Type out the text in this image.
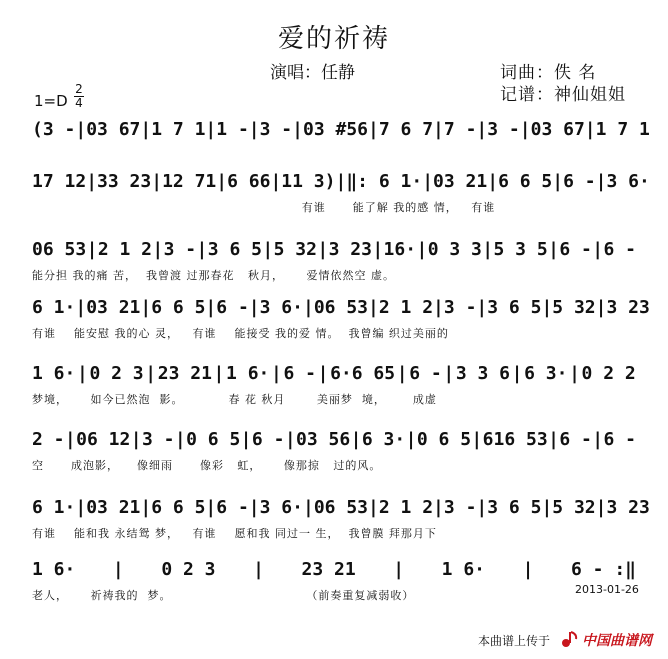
爱的祈祷
演唱：任静	词曲：佚 名
记谱：神仙姐姐
1=D
2
4
(3 - | 03 67 | 1 7 1 | 1 - | 3 - | 03 #56 | 7 6 7 | 7 - | 3 - | 03 67 | 1 7 1
17 12 | 33 23 | 12 71 | 6 66 | 11 3) | ‖: 6 1· | 03 21 | 6 6 5 | 6 - | 3 6·
有谁      能了解 我的感 情，   有谁
06 53 | 2 1 2 | 3 - | 3 6 5 | 5 32 | 3 23 | 16· | 0 3 3 | 5 3 5 | 6 - | 6 -
能分担 我的痛 苦，  我曾渡 过那春花   秋月，     爱情依然空 虚。
6 1· | 03 21 | 6 6 5 | 6 - | 3 6· | 06 53 | 2 1 2 | 3 - | 3 6 5 | 5 32 | 3 23
有谁    能安慰 我的心 灵，   有谁    能接受 我的爱 情。  我曾编 织过美丽的
1 6· | 0 2 3 | 23 21 | 1 6· | 6 - | 6·6 65 | 6 - | 3 3 6 | 6 3· | 0 2 2
梦境，     如今已然泡  影。          春 花 秋月       美丽梦  境，      成虚
2 - | 06 12 | 3 - | 0 6 5 | 6 - | 03 56 | 6 3· | 0 6 5 | 616 53 | 6 - | 6 -
空      成泡影，    像细雨      像彩   虹，     像那掠   过的风。
6 1· | 03 21 | 6 6 5 | 6 - | 3 6· | 06 53 | 2 1 2 | 3 - | 3 6 5 | 5 32 | 3 23
有谁    能和我 永结鸳 梦，   有谁    愿和我 同过一 生，  我曾膜 拜那月下
1 6· | 0 2 3 | 23 21 | 1 6· | 6 - :‖
老人，     祈祷我的  梦。                              （前奏重复减弱收）	2013-01-26
本曲谱上传于 中国曲谱网
